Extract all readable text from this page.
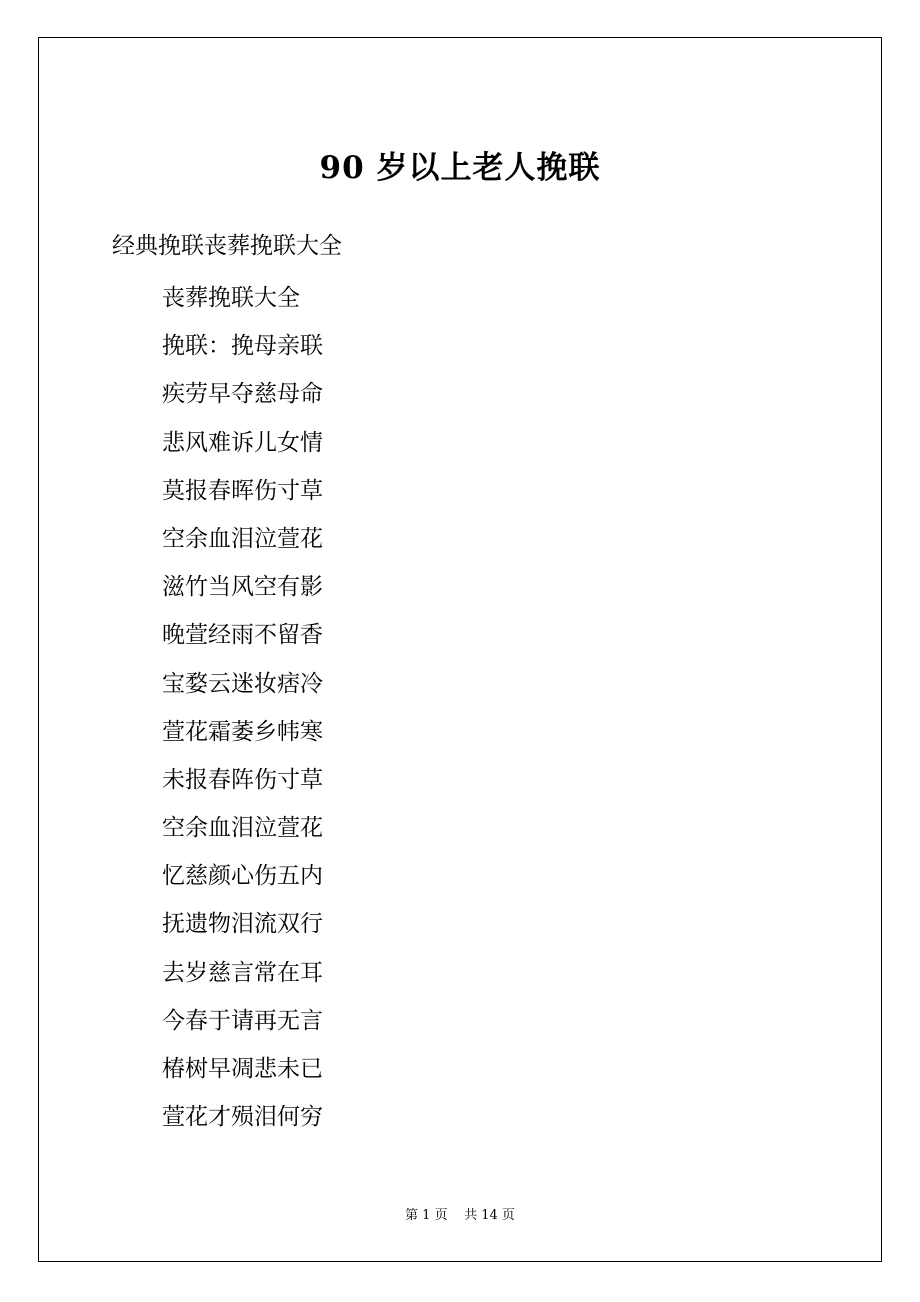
90 岁以上老人挽联
经典挽联丧葬挽联大全
丧葬挽联大全
挽联：挽母亲联
疾劳早夺慈母命
悲风难诉儿女情
莫报春晖伤寸草
空余血泪泣萱花
滋竹当风空有影
晚萱经雨不留香
宝婺云迷妆痞冷
萱花霜萎乡帏寒
未报春阵伤寸草
空余血泪泣萱花
忆慈颜心伤五内
抚遗物泪流双行
去岁慈言常在耳
今春于请再无言
椿树早凋悲未已
萱花才殒泪何穷
第 1 页 共 14 页
